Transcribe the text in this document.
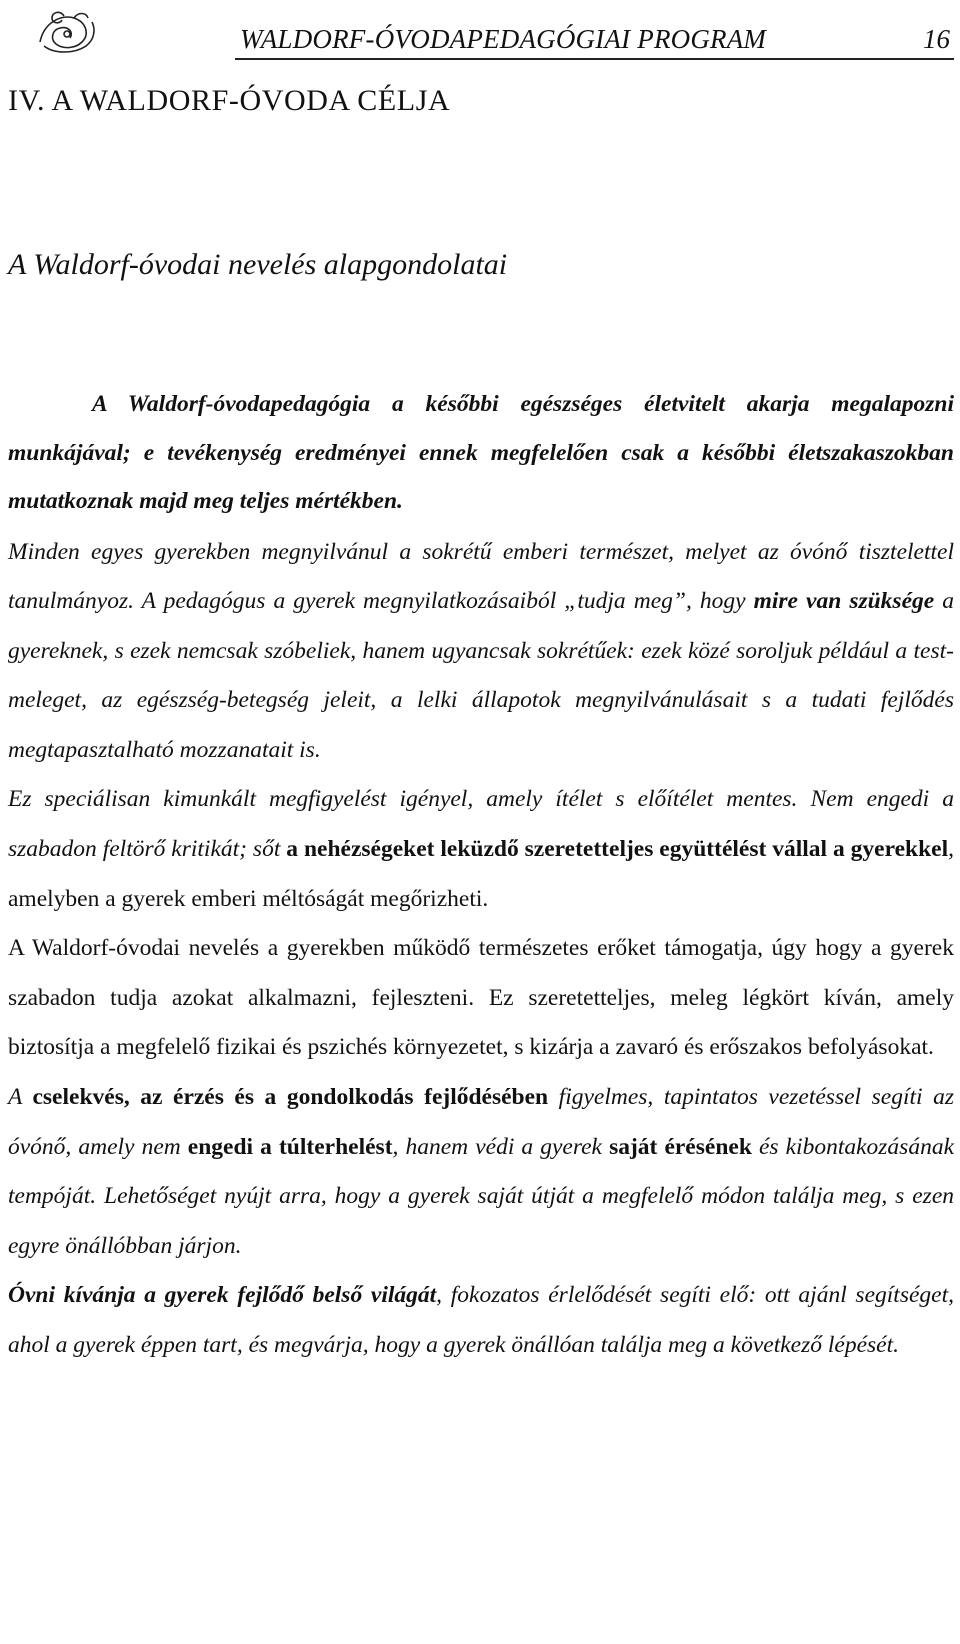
WALDORF-ÓVODAPEDAGÓGIAI PROGRAM	16
IV. A WALDORF-ÓVODA CÉLJA
A Waldorf-óvodai nevelés alapgondolatai

A Waldorf-óvodapedagógia a későbbi egészséges életvitelt akarja megalapozni munkájával; e tevékenység eredményei ennek megfelelően csak a későbbi életszakaszokban mutatkoznak majd meg teljes mértékben.

Minden egyes gyerekben megnyilvánul a sokrétű emberi természet, melyet az óvónő tisztelettel tanulmányoz. A pedagógus a gyerek megnyilatkozásaiból „tudja meg”, hogy mire van szüksége a gyereknek, s ezek nemcsak szóbeliek, hanem ugyancsak sokrétűek: ezek közé soroljuk például a test-meleget, az egészség-betegség jeleit, a lelki állapotok megnyilvánulásait s a tudati fejlődés megtapasztalható mozzanatait is.

Ez speciálisan kimunkált megfigyelést igényel, amely ítélet s előítélet mentes. Nem engedi a szabadon feltörő kritikát; sőt a nehézségeket leküzdő szeretetteljes együttélést vállal a gyerekkel, amelyben a gyerek emberi méltóságát megőrizheti.

A Waldorf-óvodai nevelés a gyerekben működő természetes erőket támogatja, úgy hogy a gyerek szabadon tudja azokat alkalmazni, fejleszteni. Ez szeretetteljes, meleg légkört kíván, amely biztosítja a megfelelő fizikai és pszichés környezetet, s kizárja a zavaró és erőszakos befolyásokat.

A cselekvés, az érzés és a gondolkodás fejlődésében figyelmes, tapintatos vezetéssel segíti az óvónő, amely nem engedi a túlterhelést, hanem védi a gyerek saját érésének és kibontakozásának tempóját. Lehetőséget nyújt arra, hogy a gyerek saját útját a megfelelő módon találja meg, s ezen egyre önállóbban járjon.

Óvni kívánja a gyerek fejlődő belső világát, fokozatos érlelődését segíti elő: ott ajánl segítséget, ahol a gyerek éppen tart, és megvárja, hogy a gyerek önállóan találja meg a következő lépését.
